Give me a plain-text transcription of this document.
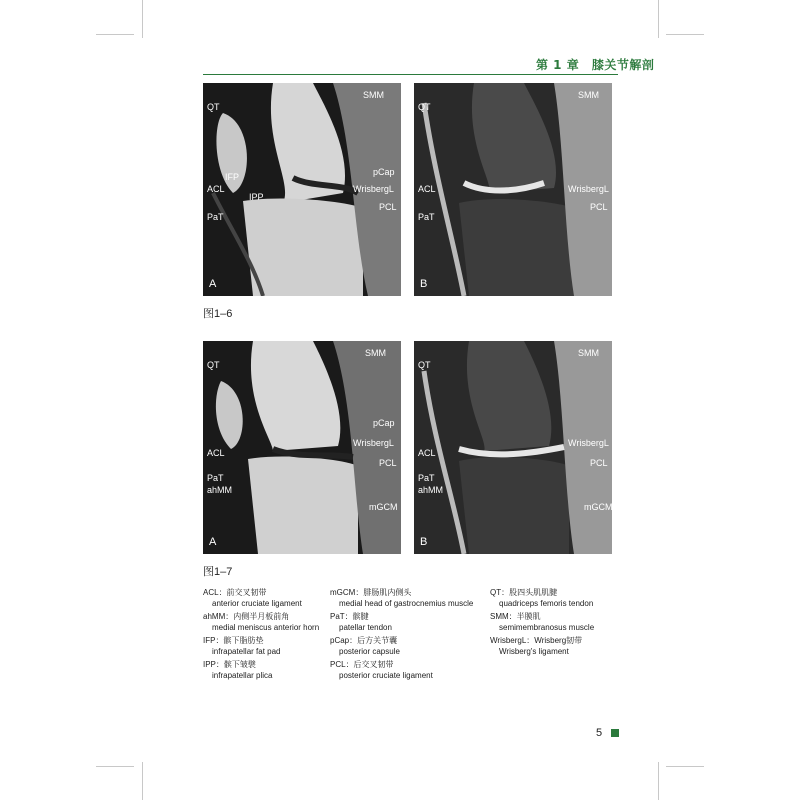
第 1 章 膝关节解剖
QT
SMM
IFP	pCap
ACL
IPP
WrisbergL
PCL
PaT
A
QT
SMM
ACL	WrisbergL
PCL
PaT
B
图1–6
QT
SMM
pCap
WrisbergL
ACL
PCL
PaT
ahMM
mGCM
A
QT
SMM
WrisbergL
ACL
PCL
PaT
ahMM
mGCM
B
图1–7
ACL：前交叉韧带
anterior cruciate ligament
ahMM：内侧半月板前角
medial meniscus anterior horn
IFP：髌下脂肪垫
infrapatellar fat pad
IPP：髌下皱襞
infrapatellar plica
mGCM：腓肠肌内侧头
medial head of gastrocnemius muscle
PaT：髌腱
patellar tendon
pCap：后方关节囊
posterior capsule
PCL：后交叉韧带
posterior cruciate ligament
QT：股四头肌肌腱
quadriceps femoris tendon
SMM：半膜肌
semimembranosus muscle
WrisbergL：Wrisberg韧带
Wrisberg's ligament
5
